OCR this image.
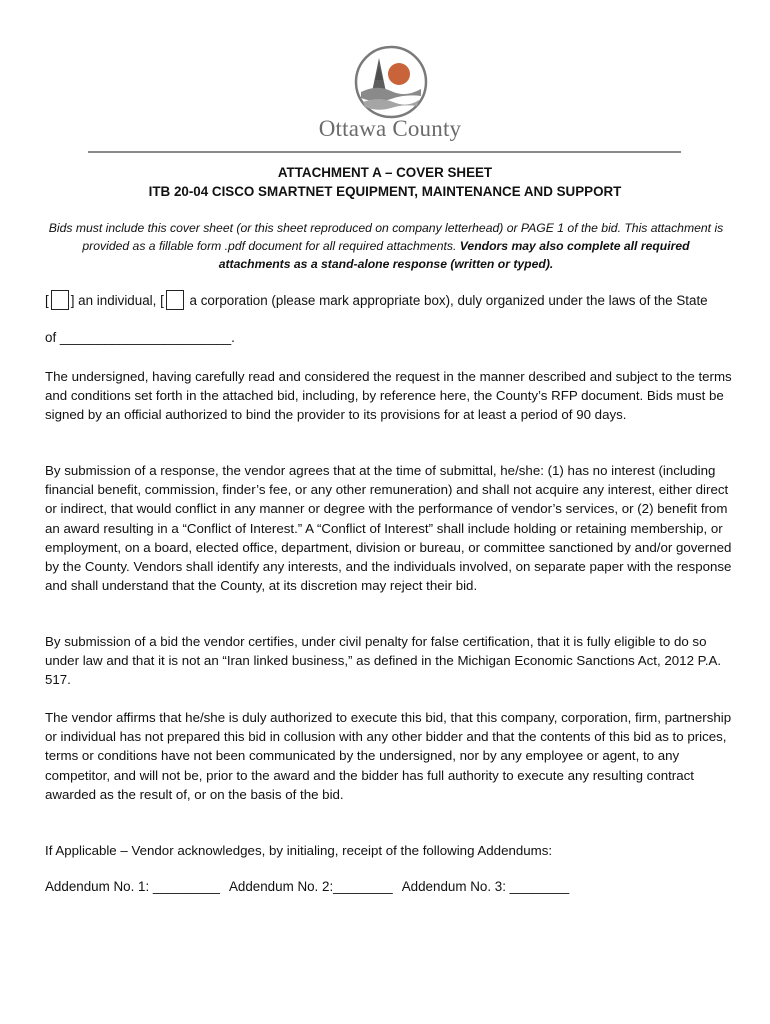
Ottawa County
ATTACHMENT A – COVER SHEET
ITB 20-04 CISCO SMARTNET EQUIPMENT, MAINTENANCE AND SUPPORT
Bids must include this cover sheet (or this sheet reproduced on company letterhead) or PAGE 1 of the bid. This attachment is provided as a fillable form .pdf document for all required attachments. Vendors may also complete all required attachments as a stand-alone response (written or typed).
[ ] an individual, [ a corporation (please mark appropriate box), duly organized under the laws of the State
of _______________________.

The undersigned, having carefully read and considered the request in the manner described and subject to the terms and conditions set forth in the attached bid, including, by reference here, the County’s RFP document. Bids must be signed by an official authorized to bind the provider to its provisions for at least a period of 90 days.

By submission of a response, the vendor agrees that at the time of submittal, he/she: (1) has no interest (including financial benefit, commission, finder’s fee, or any other remuneration) and shall not acquire any interest, either direct or indirect, that would conflict in any manner or degree with the performance of vendor’s services, or (2) benefit from an award resulting in a “Conflict of Interest.” A “Conflict of Interest” shall include holding or retaining membership, or employment, on a board, elected office, department, division or bureau, or committee sanctioned by and/or governed by the County. Vendors shall identify any interests, and the individuals involved, on separate paper with the response and shall understand that the County, at its discretion may reject their bid.

By submission of a bid the vendor certifies, under civil penalty for false certification, that it is fully eligible to do so under law and that it is not an “Iran linked business,” as defined in the Michigan Economic Sanctions Act, 2012 P.A. 517.

The vendor affirms that he/she is duly authorized to execute this bid, that this company, corporation, firm, partnership or individual has not prepared this bid in collusion with any other bidder and that the contents of this bid as to prices, terms or conditions have not been communicated by the undersigned, nor by any employee or agent, to any competitor, and will not be, prior to the award and the bidder has full authority to execute any resulting contract awarded as the result of, or on the basis of the bid.

If Applicable – Vendor acknowledges, by initialing, receipt of the following Addendums:

Addendum No. 1: _________ Addendum No. 2:________ Addendum No. 3: ________
